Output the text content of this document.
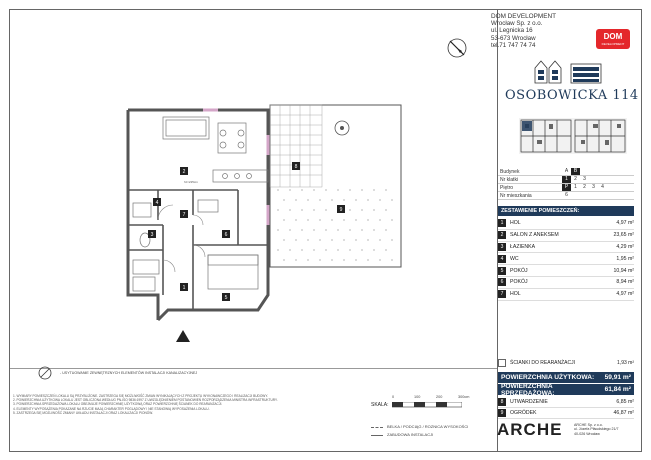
DOM DEVELOPMENT
Wrocław Sp. z o.o.
ul. Legnicka 16
53-673 Wrocław
tel.71 747 74 74
DOM
DEVELOPMENT
OSOBOWICKA 114
Budynek	A	B
Nr klatki	1	2	3
Piętro	P	1	2	3	4
Nr mieszkania	6
ZESTAWIENIE POMIESZCZEŃ:
1	HOL	4,97 m²
2	SALON Z ANEKSEM	23,65 m²
3	ŁAZIENKA	4,29 m²
4	WC	1,95 m²
5	POKÓJ	10,94 m²
6	POKÓJ	8,94 m²
7	HOL	4,97 m²
ŚCIANKI DO REARANŻACJI	1,93 m²
POWIERZCHNIA UŻYTKOWA:	59,91 m²
POWIERZCHNIA SPRZEDAŻOWA:	61,84 m²
8	UTWARDZENIE	6,85 m²
9	OGRÓDEK	46,87 m²
8
9
2
7
4
6
3
1
5
hz=225cm
- USYTUOWANIE ZEWNĘTRZNYCH ELEMENTÓW INSTALACJI KANALIZACYJNEJ
1. WYMIARY POMIESZCZEŃ LOKALU SĄ PRZYBLIŻONE. ZASTRZEGA SIĘ MOŻLIWOŚĆ ZMIAN WYNIKAJĄCYCH Z PROJEKTU WYKONAWCZEGO I REALIZACJI BUDOWY.
2. POWIERZCHNIA UŻYTKOWA LOKALU JEST OBLICZONA WEDŁUG PN-ISO 9836:1997 Z UWZGLĘDNIENIEM POSTANOWIEŃ ROZPORZĄDZENIA MINISTRA INFRASTRUKTURY.
3. POWIERZCHNIA SPRZEDAŻOWA LOKALU OBEJMUJE POWIERZCHNIĘ UŻYTKOWĄ ORAZ POWIERZCHNIĘ ŚCIANEK DO REARANŻACJI.
4. ELEMENTY WYPOSAŻENIA POKAZANE NA RZUCIE MAJĄ CHARAKTER POGLĄDOWY I NIE STANOWIĄ WYPOSAŻENIA LOKALU.
5. ZASTRZEGA SIĘ MOŻLIWOŚĆ ZMIANY UKŁADU INSTALACJI ORAZ LOKALIZACJI PIONÓW.
SKALA:
0	100	200	300cm
BELKA / PODCIĄG / ROZNICA WYSOKOŚCI
ZABUDOWA INSTALACJI	ARCHE	ARCHE Sp. z o.o.
ul. Józefa Piłsudskiego 21/7
40-026 Wrocław
